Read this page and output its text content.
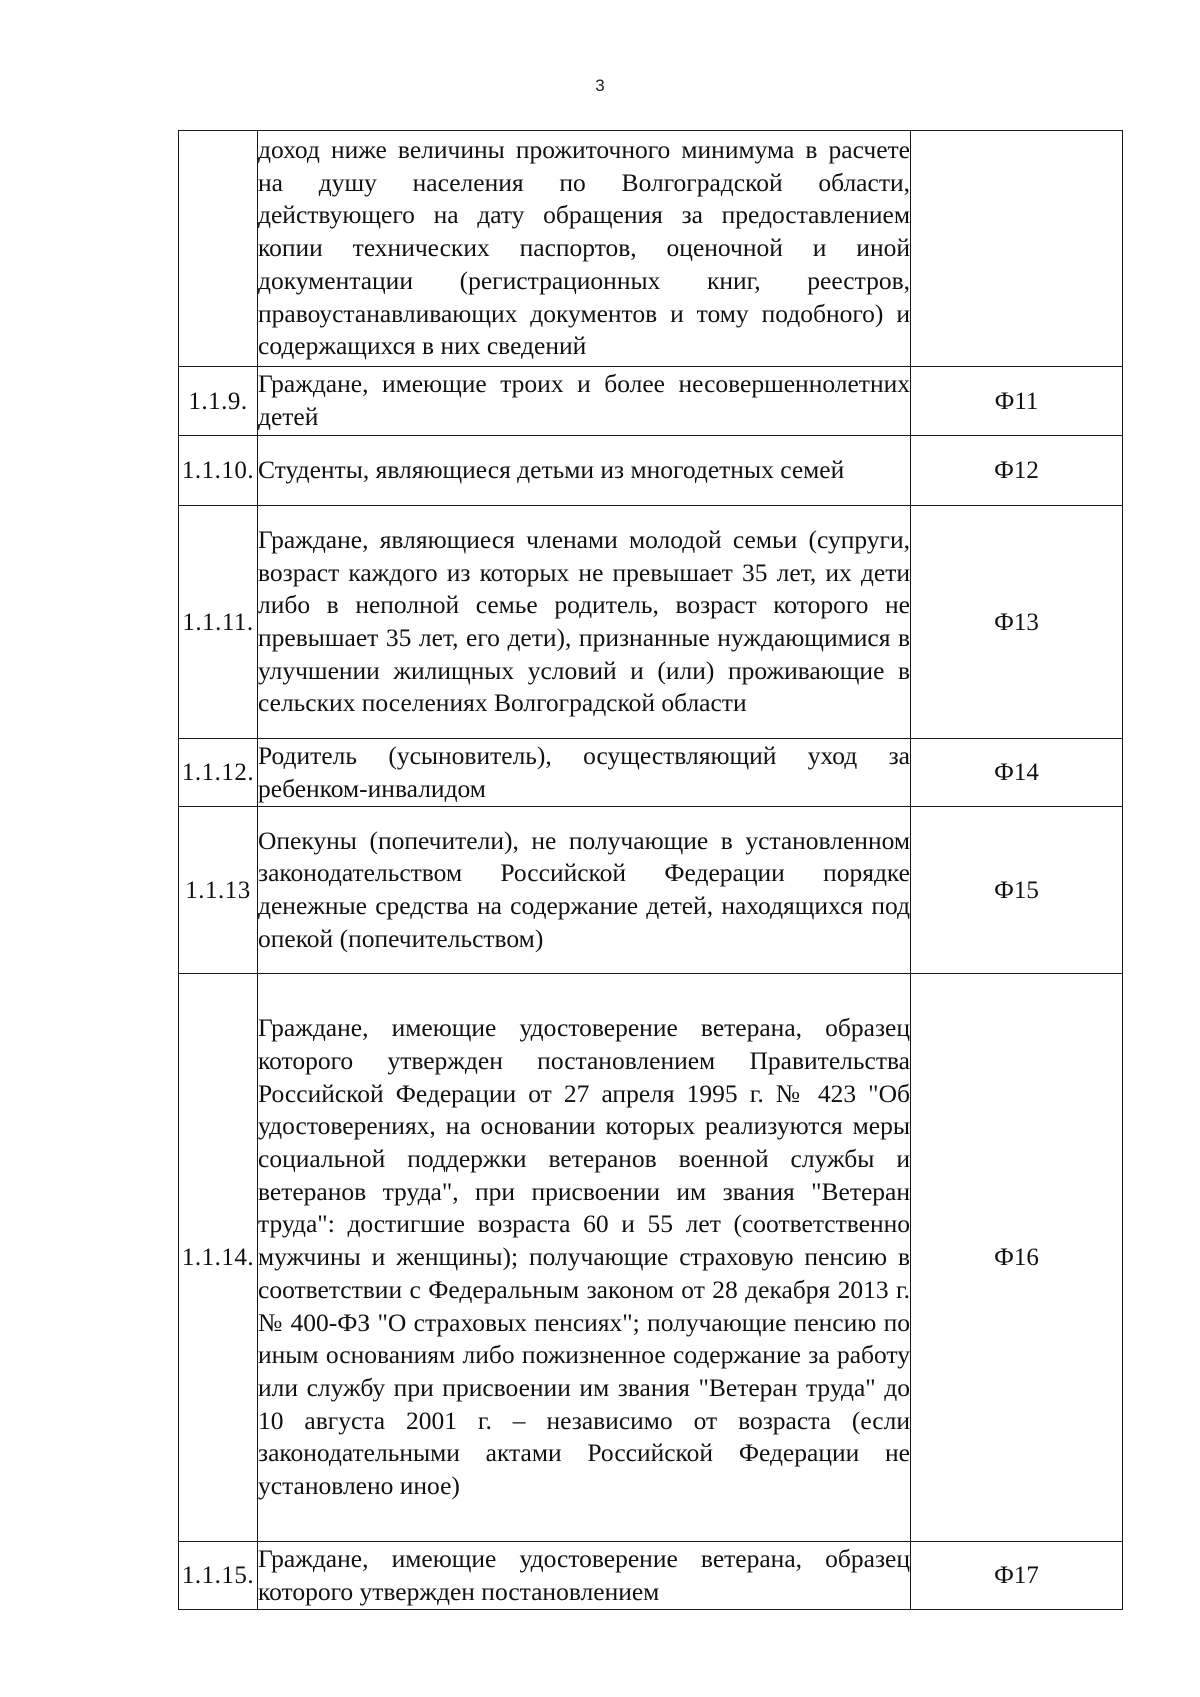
3

	доход ниже величины прожиточного минимума в расчете на душу населения по Волгоградской области, действующего на дату обращения за предоставлением копии технических паспортов, оценочной и иной документации (регистрационных книг, реестров, правоустанавливающих документов и тому подобного) и содержащихся в них сведений	

1.1.9.	Граждане, имеющие троих и более несовершеннолетних детей	Ф11
1.1.10.	Студенты, являющиеся детьми из многодетных семей	Ф12
1.1.11.	Граждане, являющиеся членами молодой семьи (супруги, возраст каждого из которых не превышает 35 лет, их дети либо в неполной семье родитель, возраст которого не превышает 35 лет, его дети), признанные нуждающимися в улучшении жилищных условий и (или) проживающие в сельских поселениях Волгоградской области	Ф13
1.1.12.	Родитель (усыновитель), осуществляющий уход за ребенком-инвалидом	Ф14
1.1.13	Опекуны (попечители), не получающие в установленном законодательством Российской Федерации порядке денежные средства на содержание детей, находящихся под опекой (попечительством)	Ф15
1.1.14.	Граждане, имеющие удостоверение ветерана, образец которого утвержден постановлением Правительства Российской Федерации от 27 апреля 1995 г. № 423 "Об удостоверениях, на основании которых реализуются меры социальной поддержки ветеранов военной службы и ветеранов труда", при присвоении им звания "Ветеран труда": достигшие возраста 60 и 55 лет (соответственно мужчины и женщины); получающие страховую пенсию в соответствии с Федеральным законом от 28 декабря 2013 г. № 400-ФЗ "О страховых пенсиях"; получающие пенсию по иным основаниям либо пожизненное содержание за работу или службу при присвоении им звания "Ветеран труда" до 10 августа 2001 г. – независимо от возраста (если законодательными актами Российской Федерации не установлено иное)	Ф16
1.1.15.	Граждане, имеющие удостоверение ветерана, образец которого утвержден постановлением	Ф17
